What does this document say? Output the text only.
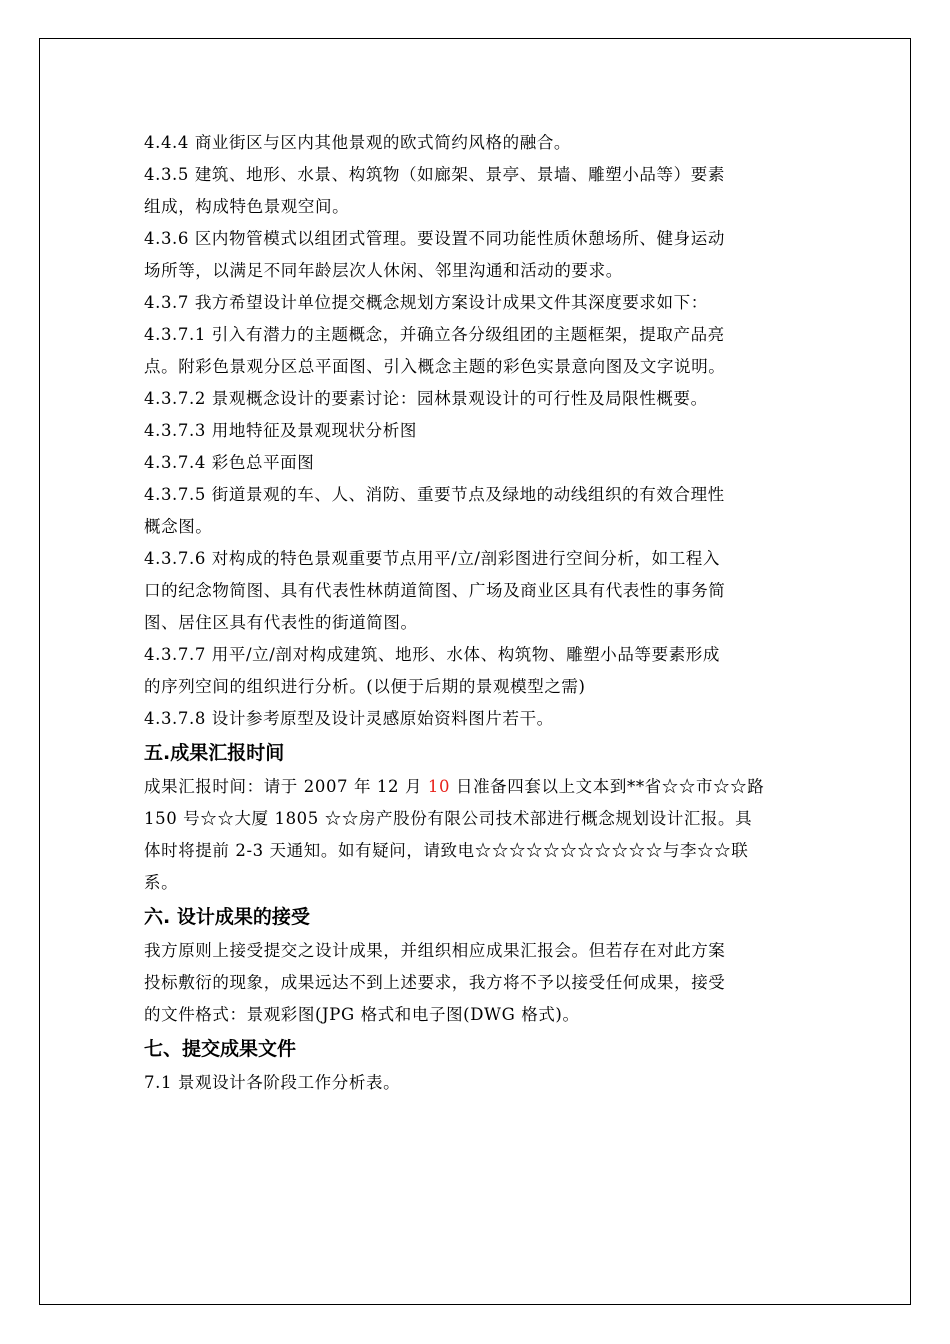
4.4.4 商业街区与区内其他景观的欧式简约风格的融合。
4.3.5 建筑、地形、水景、构筑物（如廊架、景亭、景墙、雕塑小品等）要素
组成，构成特色景观空间。
4.3.6 区内物管模式以组团式管理。要设置不同功能性质休憩场所、健身运动
场所等，以满足不同年龄层次人休闲、邻里沟通和活动的要求。
4.3.7 我方希望设计单位提交概念规划方案设计成果文件其深度要求如下：
4.3.7.1 引入有潜力的主题概念，并确立各分级组团的主题框架，提取产品亮
点。附彩色景观分区总平面图、引入概念主题的彩色实景意向图及文字说明。
4.3.7.2 景观概念设计的要素讨论：园林景观设计的可行性及局限性概要。
4.3.7.3 用地特征及景观现状分析图
4.3.7.4 彩色总平面图
4.3.7.5 街道景观的车、人、消防、重要节点及绿地的动线组织的有效合理性
概念图。
4.3.7.6 对构成的特色景观重要节点用平/立/剖彩图进行空间分析，如工程入
口的纪念物简图、具有代表性林荫道简图、广场及商业区具有代表性的事务简
图、居住区具有代表性的街道简图。
4.3.7.7 用平/立/剖对构成建筑、地形、水体、构筑物、雕塑小品等要素形成
的序列空间的组织进行分析。(以便于后期的景观模型之需)
4.3.7.8 设计参考原型及设计灵感原始资料图片若干。
五.成果汇报时间
成果汇报时间：请于 2007 年 12 月 10 日准备四套以上文本到**省☆☆市☆☆路
150 号☆☆大厦 1805 ☆☆房产股份有限公司技术部进行概念规划设计汇报。具
体时将提前 2-3 天通知。如有疑问，请致电☆☆☆☆☆☆☆☆☆☆☆与李☆☆联
系。
六. 设计成果的接受
我方原则上接受提交之设计成果，并组织相应成果汇报会。但若存在对此方案
投标敷衍的现象，成果远达不到上述要求，我方将不予以接受任何成果，接受
的文件格式：景观彩图(JPG 格式和电子图(DWG 格式)。
七、提交成果文件
7.1 景观设计各阶段工作分析表。
